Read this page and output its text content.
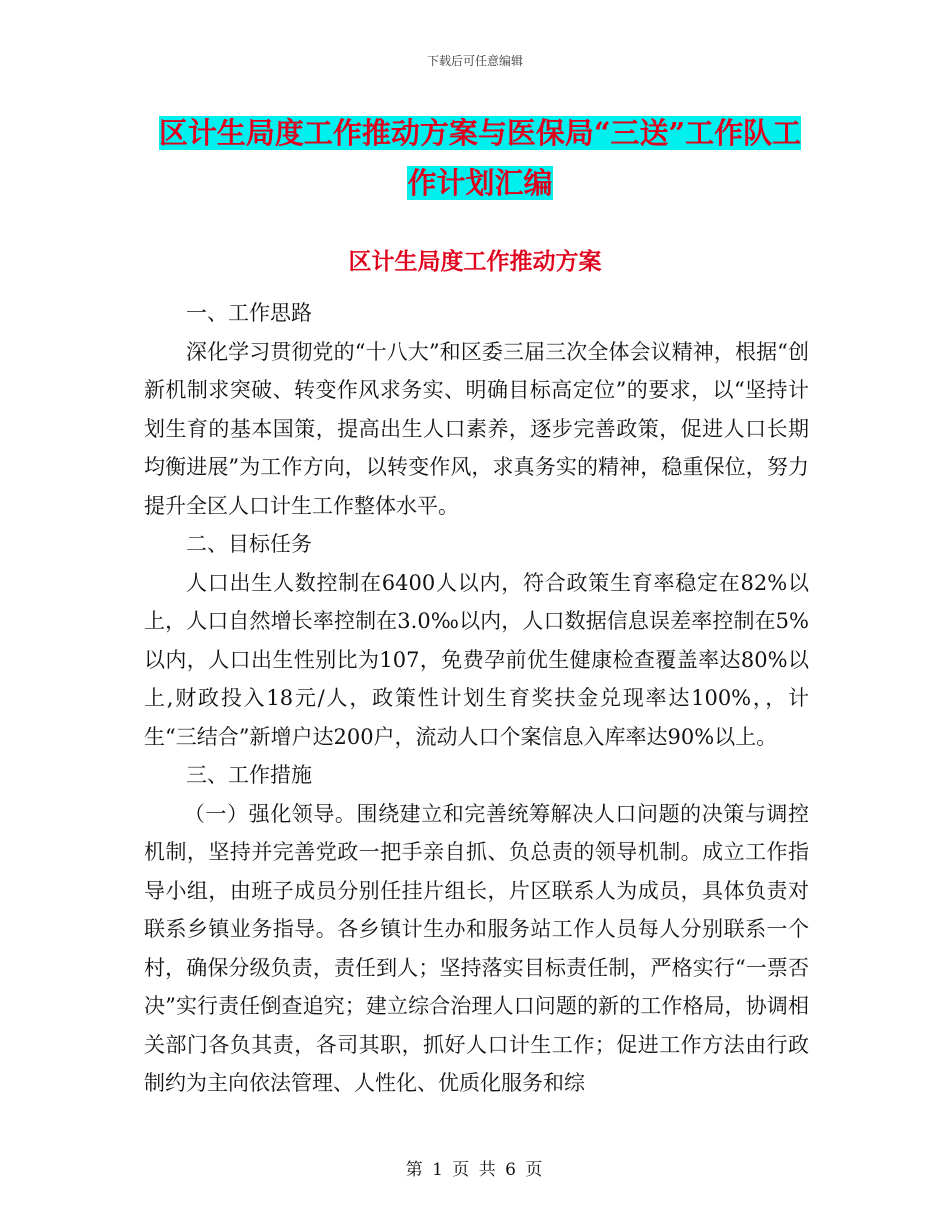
下载后可任意编辑
区计生局度工作推动方案与医保局“三送”工作队工
作计划汇编
区计生局度工作推动方案

一、工作思路

深化学习贯彻党的“十八大”和区委三届三次全体会议精神，根据“创新机制求突破、转变作风求务实、明确目标高定位”的要求，以“坚持计划生育的基本国策，提高出生人口素养，逐步完善政策，促进人口长期均衡进展”为工作方向，以转变作风，求真务实的精神，稳重保位，努力提升全区人口计生工作整体水平。

二、目标任务

人口出生人数控制在6400人以内，符合政策生育率稳定在82%以上，人口自然增长率控制在3.0‰以内，人口数据信息误差率控制在5%以内，人口出生性别比为107，免费孕前优生健康检查覆盖率达80%以上,财政投入18元/人，政策性计划生育奖扶金兑现率达100%，，计生“三结合”新增户达200户，流动人口个案信息入库率达90%以上。

三、工作措施

（一）强化领导。围绕建立和完善统筹解决人口问题的决策与调控机制，坚持并完善党政一把手亲自抓、负总责的领导机制。成立工作指导小组，由班子成员分别任挂片组长，片区联系人为成员，具体负责对联系乡镇业务指导。各乡镇计生办和服务站工作人员每人分别联系一个村，确保分级负责，责任到人；坚持落实目标责任制，严格实行“一票否决”实行责任倒查追究；建立综合治理人口问题的新的工作格局，协调相关部门各负其责，各司其职，抓好人口计生工作；促进工作方法由行政制约为主向依法管理、人性化、优质化服务和综

第 1 页 共 6 页
